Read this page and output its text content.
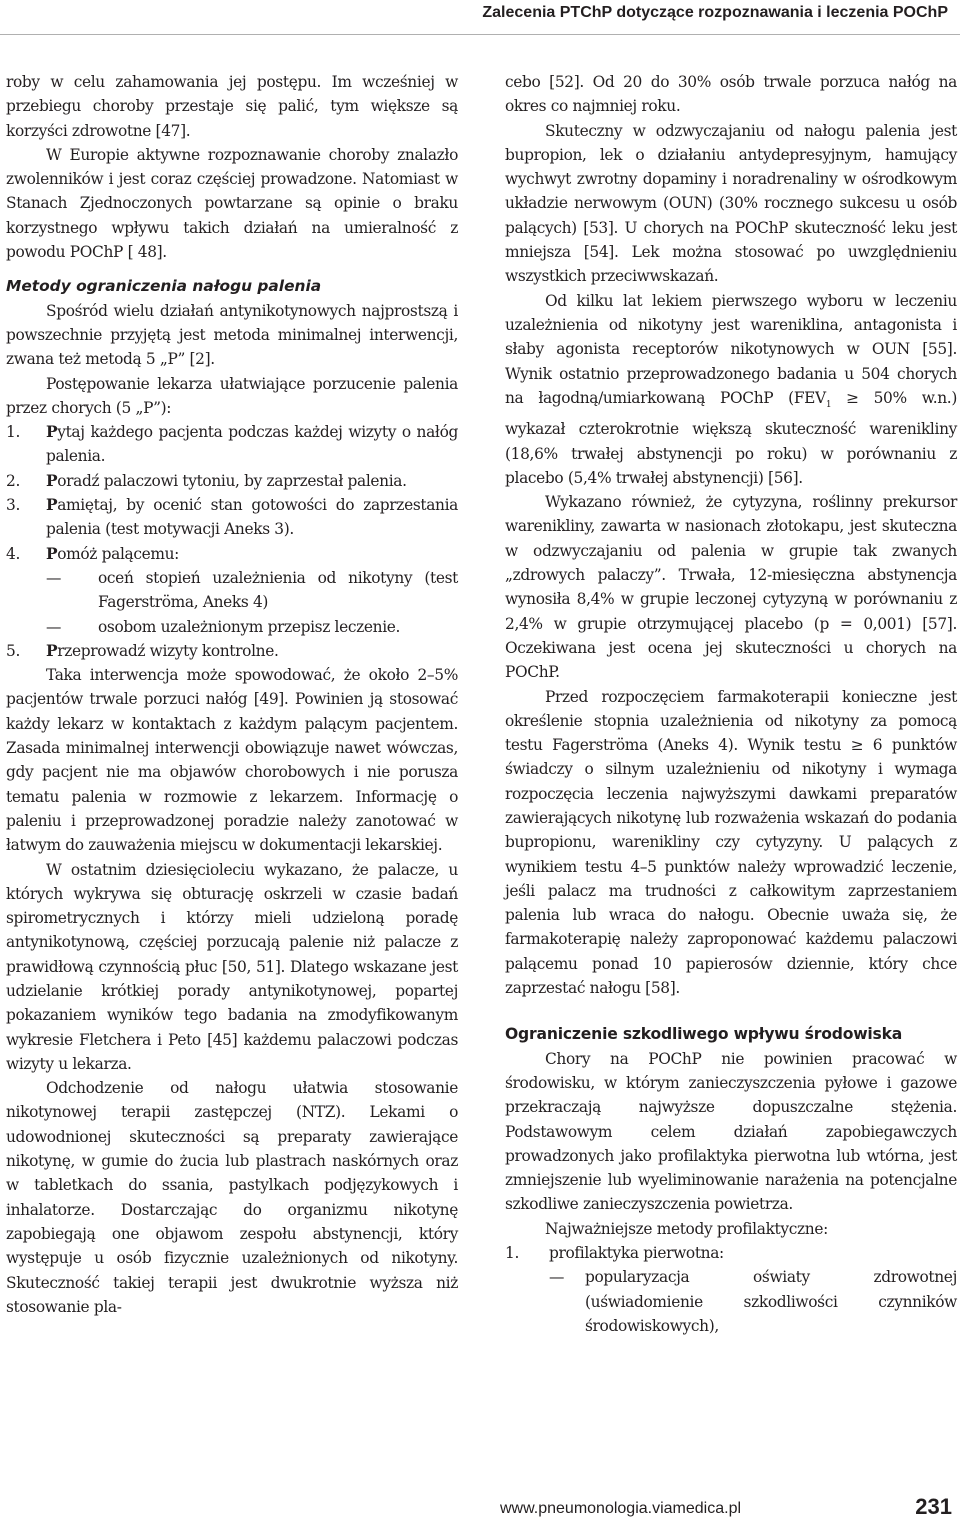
Zalecenia PTChP dotyczące rozpoznawania i leczenia POChP

roby w celu zahamowania jej postępu. Im wcześniej w przebiegu choroby przestaje się palić, tym większe są korzyści zdrowotne [47].

W Europie aktywne rozpoznawanie choroby znalazło zwolenników i jest coraz częściej prowadzone. Natomiast w Stanach Zjednoczonych powtarzane są opinie o braku korzystnego wpływu takich działań na umieralność z powodu POChP [ 48].

Metody ograniczenia nałogu palenia

Spośród wielu działań antynikotynowych najprostszą i powszechnie przyjętą jest metoda minimalnej interwencji, zwana też metodą 5 „P” [2].

Postępowanie lekarza ułatwiające porzucenie palenia przez chorych (5 „P”):

1.	Pytaj każdego pacjenta podczas każdej wizyty o nałóg palenia.
2.	Poradź palaczowi tytoniu, by zaprzestał palenia.
3.	Pamiętaj, by ocenić stan gotowości do zaprzestania palenia (test motywacji Aneks 3).
4.	Pomóż palącemu:
—	oceń stopień uzależnienia od nikotyny (test Fagerströma, Aneks 4)
—	osobom uzależnionym przepisz leczenie.
5.	Przeprowadź wizyty kontrolne.

Taka interwencja może spowodować, że około 2–5% pacjentów trwale porzuci nałóg [49]. Powinien ją stosować każdy lekarz w kontaktach z każdym palącym pacjentem. Zasada minimalnej interwencji obowiązuje nawet wówczas, gdy pacjent nie ma objawów chorobowych i nie porusza tematu palenia w rozmowie z lekarzem. Informację o paleniu i przeprowadzonej poradzie należy zanotować w łatwym do zauważenia miejscu w dokumentacji lekarskiej.

W ostatnim dziesięcioleciu wykazano, że palacze, u których wykrywa się obturację oskrzeli w czasie badań spirometrycznych i którzy mieli udzieloną poradę antynikotynową, częściej porzucają palenie niż palacze z prawidłową czynnością płuc [50, 51]. Dlatego wskazane jest udzielanie krótkiej porady antynikotynowej, popartej pokazaniem wyników tego badania na zmodyfikowanym wykresie Fletchera i Peto [45] każdemu palaczowi podczas wizyty u lekarza.

Odchodzenie od nałogu ułatwia stosowanie nikotynowej terapii zastępczej (NTZ). Lekami o udowodnionej skuteczności są preparaty zawierające nikotynę, w gumie do żucia lub plastrach naskórnych oraz w tabletkach do ssania, pastylkach podjęzykowych i inhalatorze. Dostarczając do organizmu nikotynę zapobiegają one objawom zespołu abstynencji, który występuje u osób fizycznie uzależnionych od nikotyny. Skuteczność takiej terapii jest dwukrotnie wyższa niż stosowanie pla-

cebo [52]. Od 20 do 30% osób trwale porzuca nałóg na okres co najmniej roku.

Skuteczny w odzwyczajaniu od nałogu palenia jest bupropion, lek o działaniu antydepresyjnym, hamujący wychwyt zwrotny dopaminy i noradrenaliny w ośrodkowym układzie nerwowym (OUN) (30% rocznego sukcesu u osób palących) [53]. U chorych na POChP skuteczność leku jest mniejsza [54]. Lek można stosować po uwzględnieniu wszystkich przeciwwskazań.

Od kilku lat lekiem pierwszego wyboru w leczeniu uzależnienia od nikotyny jest wareniklina, antagonista i słaby agonista receptorów nikotynowych w OUN [55]. Wynik ostatnio przeprowadzonego badania u 504 chorych na łagodną/umiarkowaną POChP ($FEV_1 \ge 50\%$ w.n.) wykazał czterokrotnie większą skuteczność warenikliny (18,6% trwałej abstynencji po roku) w porównaniu z placebo (5,4% trwałej abstynencji) [56].

Wykazano również, że cytyzyna, roślinny prekursor warenikliny, zawarta w nasionach złotokapu, jest skuteczna w odzwyczajaniu od palenia w grupie tak zwanych „zdrowych palaczy”. Trwała, 12-miesięczna abstynencja wynosiła 8,4% w grupie leczonej cytyzyną w porównaniu z 2,4% w grupie otrzymującej placebo (p = 0,001) [57]. Oczekiwana jest ocena jej skuteczności u chorych na POChP.

Przed rozpoczęciem farmakoterapii konieczne jest określenie stopnia uzależnienia od nikotyny za pomocą testu Fagerströma (Aneks 4). Wynik testu ≥ 6 punktów świadczy o silnym uzależnieniu od nikotyny i wymaga rozpoczęcia leczenia najwyższymi dawkami preparatów zawierających nikotynę lub rozważenia wskazań do podania bupropionu, warenikliny czy cytyzyny. U palących z wynikiem testu 4–5 punktów należy wprowadzić leczenie, jeśli palacz ma trudności z całkowitym zaprzestaniem palenia lub wraca do nałogu. Obecnie uważa się, że farmakoterapię należy zaproponować każdemu palaczowi palącemu ponad 10 papierosów dziennie, który chce zaprzestać nałogu [58].

Ograniczenie szkodliwego wpływu środowiska

Chory na POChP nie powinien pracować w środowisku, w którym zanieczyszczenia pyłowe i gazowe przekraczają najwyższe dopuszczalne stężenia. Podstawowym celem działań zapobiegawczych prowadzonych jako profilaktyka pierwotna lub wtórna, jest zmniejszenie lub wyeliminowanie narażenia na potencjalne szkodliwe zanieczyszczenia powietrza.

Najważniejsze metody profilaktyczne:

1.	profilaktyka pierwotna:
—	popularyzacja oświaty zdrowotnej (uświadomienie szkodliwości czynników środowiskowych),
www.pneumonologia.viamedica.pl	231
